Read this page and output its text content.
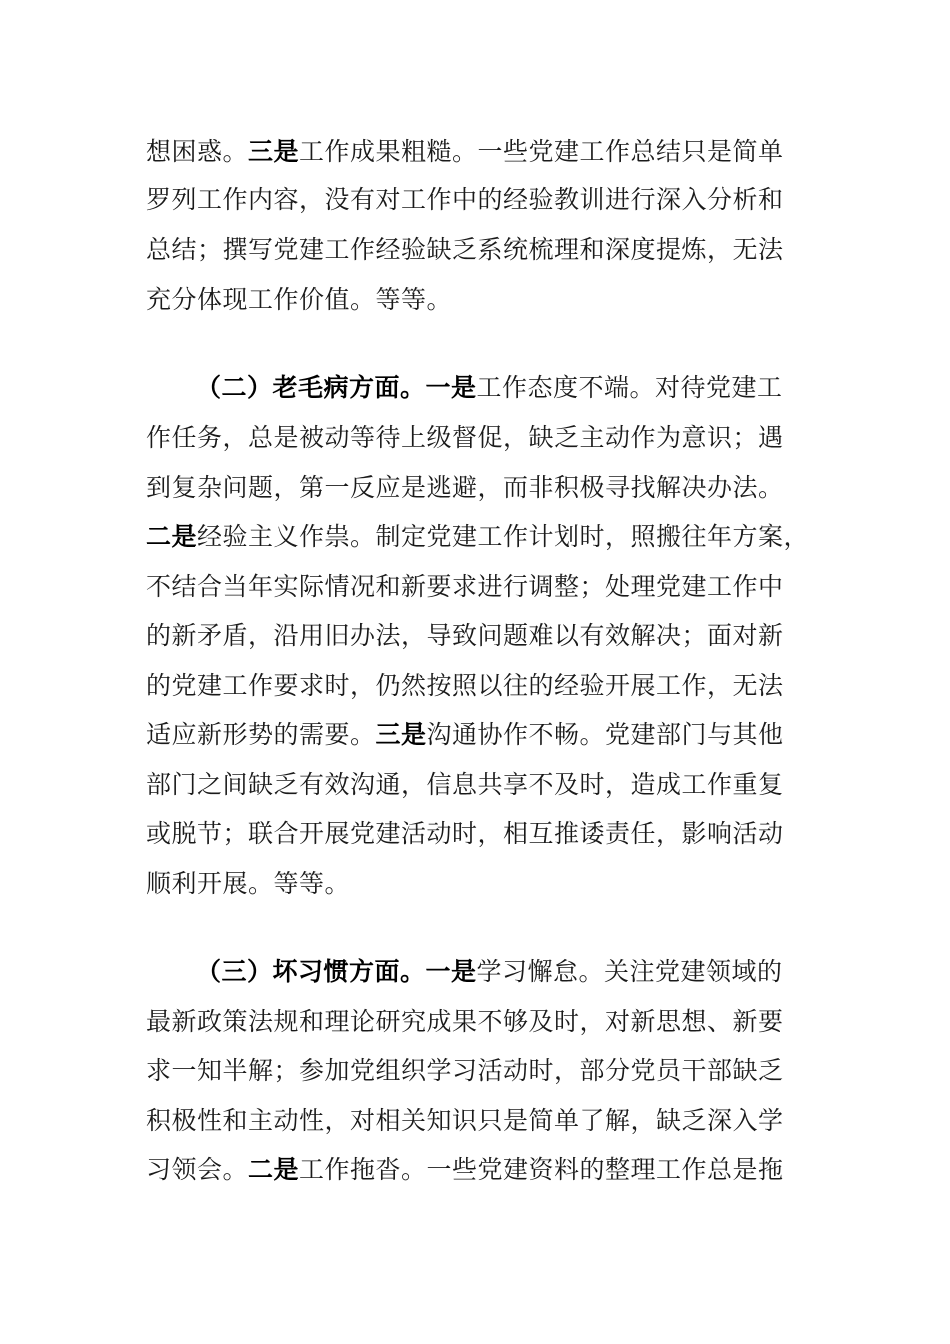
想困惑。三是工作成果粗糙。一些党建工作总结只是简单
罗列工作内容，没有对工作中的经验教训进行深入分析和
总结；撰写党建工作经验缺乏系统梳理和深度提炼，无法
充分体现工作价值。等等。
（二）老毛病方面。一是工作态度不端。对待党建工
作任务，总是被动等待上级督促，缺乏主动作为意识；遇
到复杂问题，第一反应是逃避，而非积极寻找解决办法。
二是经验主义作祟。制定党建工作计划时，照搬往年方案，
不结合当年实际情况和新要求进行调整；处理党建工作中
的新矛盾，沿用旧办法，导致问题难以有效解决；面对新
的党建工作要求时，仍然按照以往的经验开展工作，无法
适应新形势的需要。三是沟通协作不畅。党建部门与其他
部门之间缺乏有效沟通，信息共享不及时，造成工作重复
或脱节；联合开展党建活动时，相互推诿责任，影响活动
顺利开展。等等。
（三）坏习惯方面。一是学习懈怠。关注党建领域的
最新政策法规和理论研究成果不够及时，对新思想、新要
求一知半解；参加党组织学习活动时，部分党员干部缺乏
积极性和主动性，对相关知识只是简单了解，缺乏深入学
习领会。二是工作拖沓。一些党建资料的整理工作总是拖
